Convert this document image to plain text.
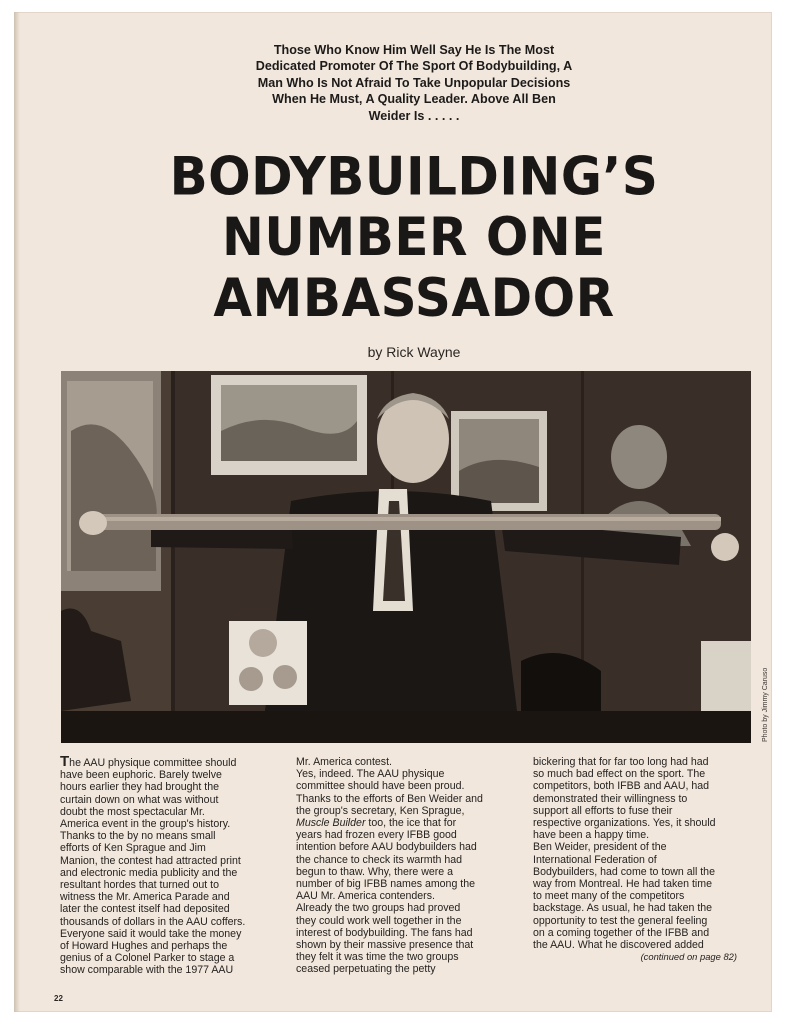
Those Who Know Him Well Say He Is The Most
Dedicated Promoter Of The Sport Of Bodybuilding, A
Man Who Is Not Afraid To Take Unpopular Decisions
When He Must, A Quality Leader. Above All Ben
Weider Is . . . . .
BODYBUILDING’S
NUMBER ONE
AMBASSADOR
by Rick Wayne
Photo by Jimmy Caruso
The AAU physique committee should
have been euphoric. Barely twelve
hours earlier they had brought the
curtain down on what was without
doubt the most spectacular Mr.
America event in the group's history.
Thanks to the by no means small
efforts of Ken Sprague and Jim
Manion, the contest had attracted print
and electronic media publicity and the
resultant hordes that turned out to
witness the Mr. America Parade and
later the contest itself had deposited
thousands of dollars in the AAU coffers.
Everyone said it would take the money
of Howard Hughes and perhaps the
genius of a Colonel Parker to stage a
show comparable with the 1977 AAU
Mr. America contest.
Yes, indeed. The AAU physique
committee should have been proud.
Thanks to the efforts of Ben Weider and
the group's secretary, Ken Sprague,
Muscle Builder too, the ice that for
years had frozen every IFBB good
intention before AAU bodybuilders had
the chance to check its warmth had
begun to thaw. Why, there were a
number of big IFBB names among the
AAU Mr. America contenders.
Already the two groups had proved
they could work well together in the
interest of bodybuilding. The fans had
shown by their massive presence that
they felt it was time the two groups
ceased perpetuating the petty
bickering that for far too long had had
so much bad effect on the sport. The
competitors, both IFBB and AAU, had
demonstrated their willingness to
support all efforts to fuse their
respective organizations. Yes, it should
have been a happy time.
Ben Weider, president of the
International Federation of
Bodybuilders, had come to town all the
way from Montreal. He had taken time
to meet many of the competitors
backstage. As usual, he had taken the
opportunity to test the general feeling
on a coming together of the IFBB and
the AAU. What he discovered added
(continued on page 82)
22
